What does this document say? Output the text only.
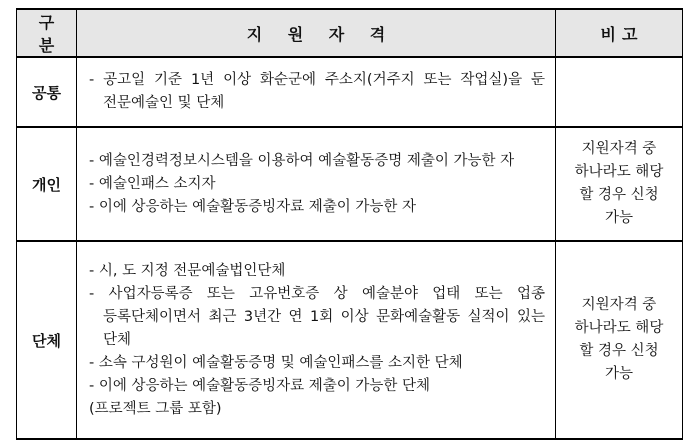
구 분	지 원 자 격	비고
공통	- 공고일 기준 1년 이상 화순군에 주소지(거주지 또는 작업실)을 둔 전문예술인 및 단체	

개인	- 예술인경력정보시스템을 이용하여 예술활동증명 제출이 가능한 자
- 예술인패스 소지자
- 이에 상응하는 예술활동증빙자료 제출이 가능한 자	지원자격 중 하나라도 해당 할 경우 신청 가능

단체	- 시, 도 지정 전문예술법인단체
- 사업자등록증 또는 고유번호증 상 예술분야 업태 또는 업종 등록단체이면서 최근 3년간 연 1회 이상 문화예술활동 실적이 있는 단체
- 소속 구성원이 예술활동증명 및 예술인패스를 소지한 단체
- 이에 상응하는 예술활동증빙자료 제출이 가능한 단체
(프로젝트 그룹 포함)	지원자격 중 하나라도 해당 할 경우 신청 가능
